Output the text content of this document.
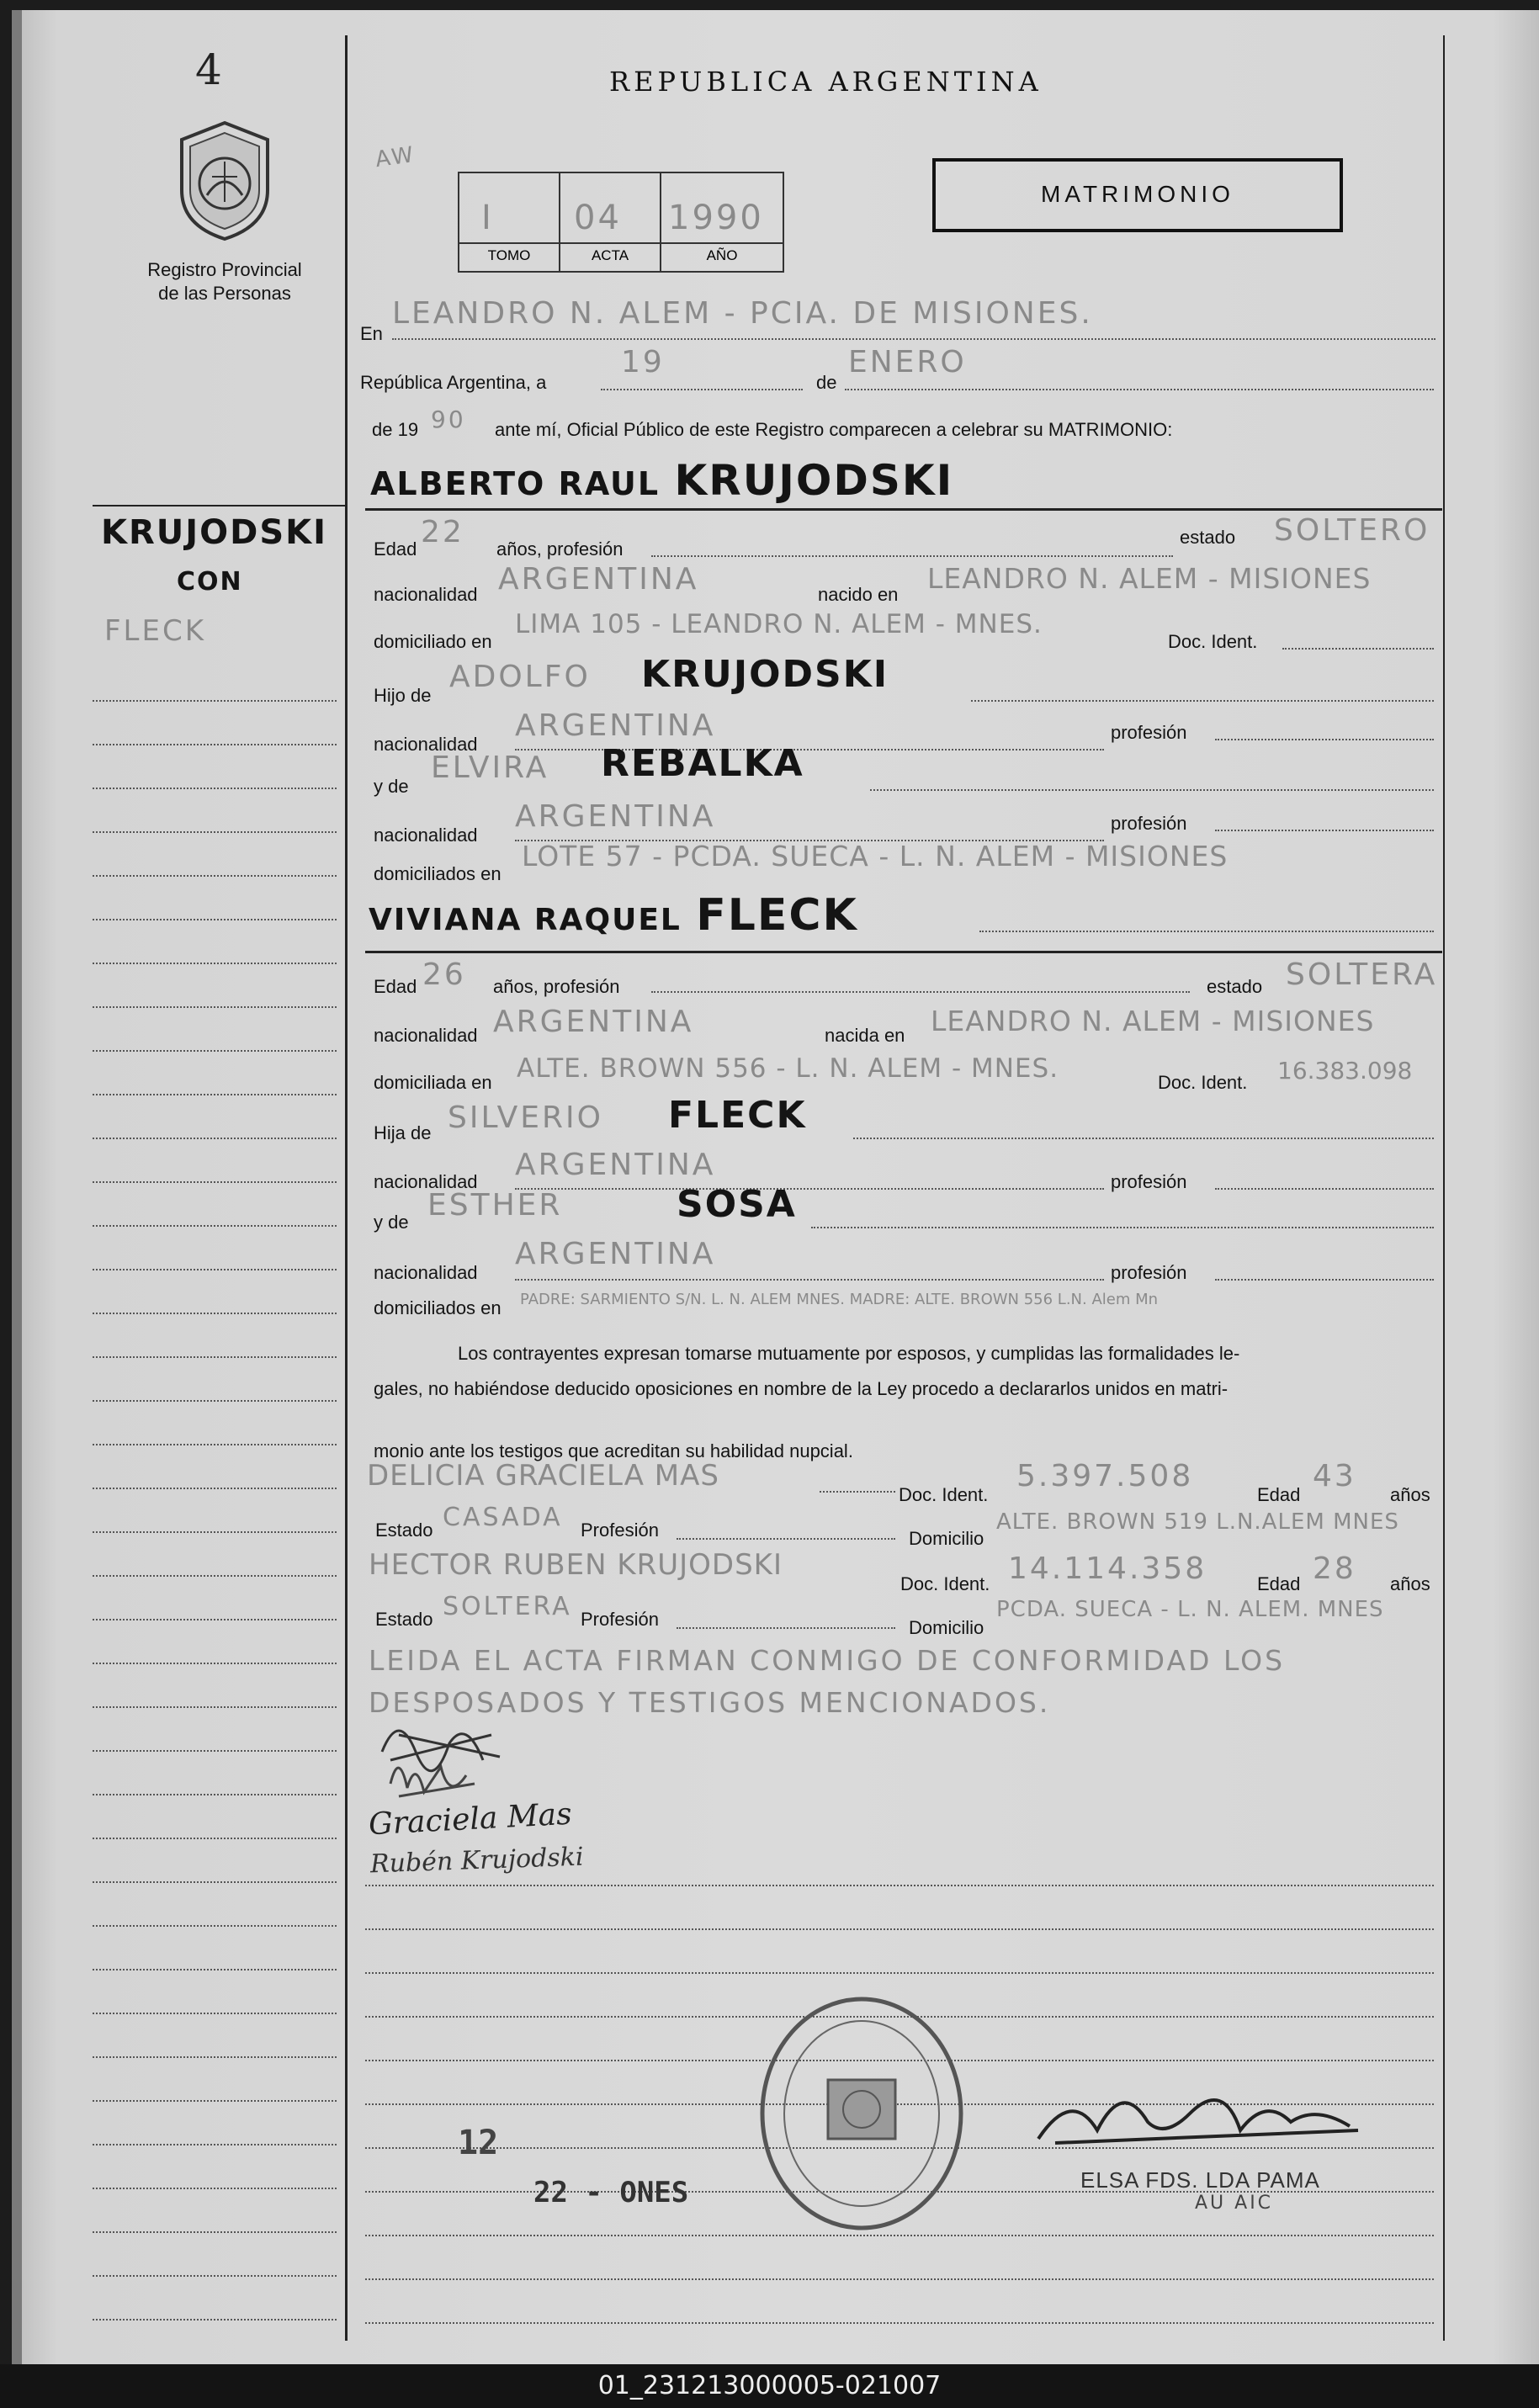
4
Registro Provincial
de las Personas
KRUJODSKI
CON
FLECK
REPUBLICA ARGENTINA
AW
I
TOMO
04
ACTA
1990
AÑO
MATRIMONIO
En
LEANDRO N. ALEM - PCIA. DE MISIONES.
República Argentina, a
19
de
ENERO
de 19 90 ante mí, Oficial Público de este Registro comparecen a celebrar su MATRIMONIO:
ALBERTO RAUL KRUJODSKI
Edad 22 años, profesión
estado SOLTERO
nacionalidad ARGENTINA	nacido en LEANDRO N. ALEM - MISIONES
domiciliado en
LIMA 105 - LEANDRO N. ALEM - MNES.
Doc. Ident.
Hijo de
ADOLFO KRUJODSKI
nacionalidad
ARGENTINA	profesión
y de
ELVIRA REBALKA
nacionalidad
ARGENTINA	profesión
domiciliados en
LOTE 57 - PCDA. SUECA - L. N. ALEM - MISIONES
VIVIANA RAQUEL FLECK
Edad 26 años, profesión	estado SOLTERA
nacionalidad ARGENTINA	nacida en LEANDRO N. ALEM - MISIONES
domiciliada en ALTE. BROWN 556 - L. N. ALEM - MNES.	Doc. Ident. 16.383.098
Hija de SILVERIO FLECK
nacionalidad ARGENTINA	profesión
y de ESTHER	SOSA
nacionalidad
ARGENTINA
profesión
domiciliados en PADRE: SARMIENTO S/N. L. N. ALEM MNES. MADRE: ALTE. BROWN 556 L.N. Alem Mn
Los contrayentes expresan tomarse mutuamente por esposos, y cumplidas las formalidades le-
gales, no habiéndose deducido oposiciones en nombre de la Ley procedo a declararlos unidos en matri-
monio ante los testigos que acreditan su habilidad nupcial.
DELICIA GRACIELA MAS
Doc. Ident.
5.397.508
Edad
43
años
Estado CASADA Profesión	Domicilio
ALTE. BROWN 519 L.N.ALEM MNES
HECTOR RUBEN KRUJODSKI
Doc. Ident. 14.114.358	Edad 28 años
Estado SOLTERA Profesión	Domicilio
PCDA. SUECA - L. N. ALEM. MNES
LEIDA EL ACTA FIRMAN CONMIGO DE CONFORMIDAD LOS
DESPOSADOS Y TESTIGOS MENCIONADOS.
Graciela Mas
Rubén Krujodski
12
22 - ONES	ELSA FDS. LDA PAMA
AU AIC
01_231213000005-021007
